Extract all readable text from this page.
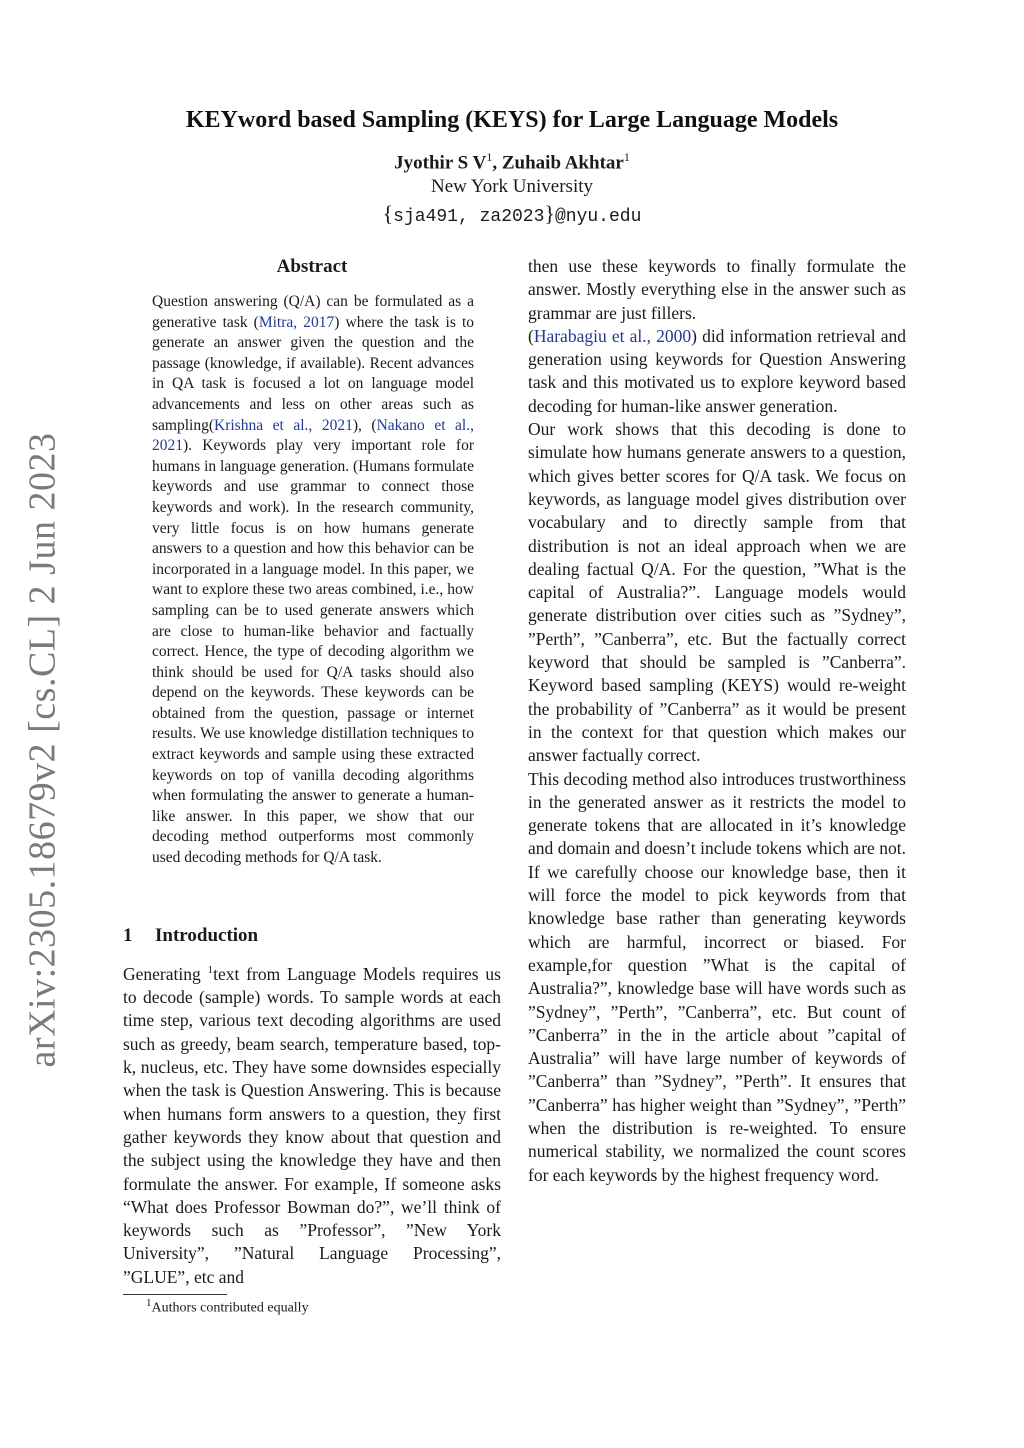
arXiv:2305.18679v2 [cs.CL] 2 Jun 2023
KEYword based Sampling (KEYS) for Large Language Models
Jyothir S $V^1$, Zuhaib Akhtar$^1$
New York University
{sja491, za2023}@nyu.edu
Abstract

Question answering (Q/A) can be formulated as a generative task (Mitra, 2017) where the task is to generate an answer given the question and the passage (knowledge, if available). Recent advances in QA task is focused a lot on language model advancements and less on other areas such as sampling(Krishna et al., 2021), (Nakano et al., 2021). Keywords play very important role for humans in language generation. (Humans formulate keywords and use grammar to connect those keywords and work). In the research community, very little focus is on how humans generate answers to a question and how this behavior can be incorporated in a language model. In this paper, we want to explore these two areas combined, i.e., how sampling can be to used generate answers which are close to human-like behavior and factually correct. Hence, the type of decoding algorithm we think should be used for Q/A tasks should also depend on the keywords. These keywords can be obtained from the question, passage or internet results. We use knowledge distillation techniques to extract keywords and sample using these extracted keywords on top of vanilla decoding algorithms when formulating the answer to generate a human-like answer. In this paper, we show that our decoding method outperforms most commonly used decoding methods for Q/A task.

1 Introduction

Generating $^1$text from Language Models requires us to decode (sample) words. To sample words at each time step, various text decoding algorithms are used such as greedy, beam search, temperature based, top-k, nucleus, etc. They have some downsides especially when the task is Question Answering. This is because when humans form answers to a question, they first gather keywords they know about that question and the subject using the knowledge they have and then formulate the answer. For example, If someone asks “What does Professor Bowman do?”, we’ll think of keywords such as ”Professor”, ”New York University”, ”Natural Language Processing”, ”GLUE”, etc and

$^1$Authors contributed equally

then use these keywords to finally formulate the answer. Mostly everything else in the answer such as grammar are just fillers.

(Harabagiu et al., 2000) did information retrieval and generation using keywords for Question Answering task and this motivated us to explore keyword based decoding for human-like answer generation.

Our work shows that this decoding is done to simulate how humans generate answers to a question, which gives better scores for Q/A task. We focus on keywords, as language model gives distribution over vocabulary and to directly sample from that distribution is not an ideal approach when we are dealing factual Q/A. For the question, ”What is the capital of Australia?”. Language models would generate distribution over cities such as ”Sydney”, ”Perth”, ”Canberra”, etc. But the factually correct keyword that should be sampled is ”Canberra”. Keyword based sampling (KEYS) would re-weight the probability of ”Canberra” as it would be present in the context for that question which makes our answer factually correct.

This decoding method also introduces trustworthiness in the generated answer as it restricts the model to generate tokens that are allocated in it’s knowledge and domain and doesn’t include tokens which are not. If we carefully choose our knowledge base, then it will force the model to pick keywords from that knowledge base rather than generating keywords which are harmful, incorrect or biased. For example,for question ”What is the capital of Australia?”, knowledge base will have words such as ”Sydney”, ”Perth”, ”Canberra”, etc. But count of ”Canberra” in the in the article about ”capital of Australia” will have large number of keywords of ”Canberra” than ”Sydney”, ”Perth”. It ensures that ”Canberra” has higher weight than ”Sydney”, ”Perth” when the distribution is re-weighted. To ensure numerical stability, we normalized the count scores for each keywords by the highest frequency word.
